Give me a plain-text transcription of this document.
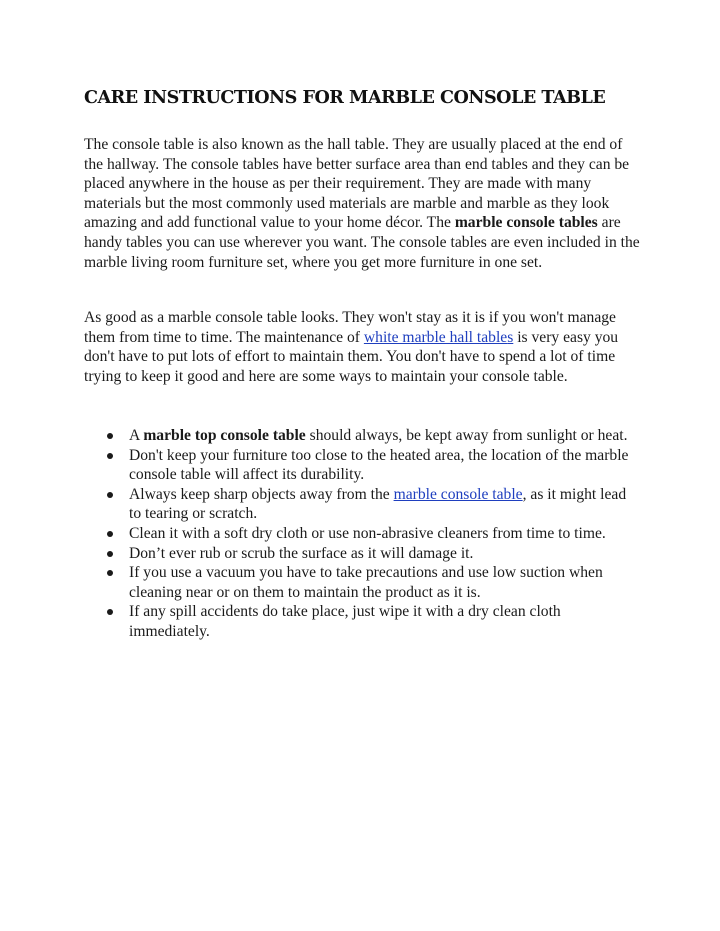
CARE INSTRUCTIONS FOR MARBLE CONSOLE TABLE

The console table is also known as the hall table. They are usually placed at the end of the hallway. The console tables have better surface area than end tables and they can be placed anywhere in the house as per their requirement. They are made with many materials but the most commonly used materials are marble and marble as they look amazing and add functional value to your home décor. The marble console tables are handy tables you can use wherever you want. The console tables are even included in the marble living room furniture set, where you get more furniture in one set.

As good as a marble console table looks. They won't stay as it is if you won't manage them from time to time. The maintenance of white marble hall tables is very easy you don't have to put lots of effort to maintain them. You don't have to spend a lot of time trying to keep it good and here are some ways to maintain your console table.

A marble top console table should always, be kept away from sunlight or heat.
Don't keep your furniture too close to the heated area, the location of the marble console table will affect its durability.
Always keep sharp objects away from the marble console table, as it might lead to tearing or scratch.
Clean it with a soft dry cloth or use non-abrasive cleaners from time to time.
Don’t ever rub or scrub the surface as it will damage it.
If you use a vacuum you have to take precautions and use low suction when cleaning near or on them to maintain the product as it is.
If any spill accidents do take place, just wipe it with a dry clean cloth immediately.
